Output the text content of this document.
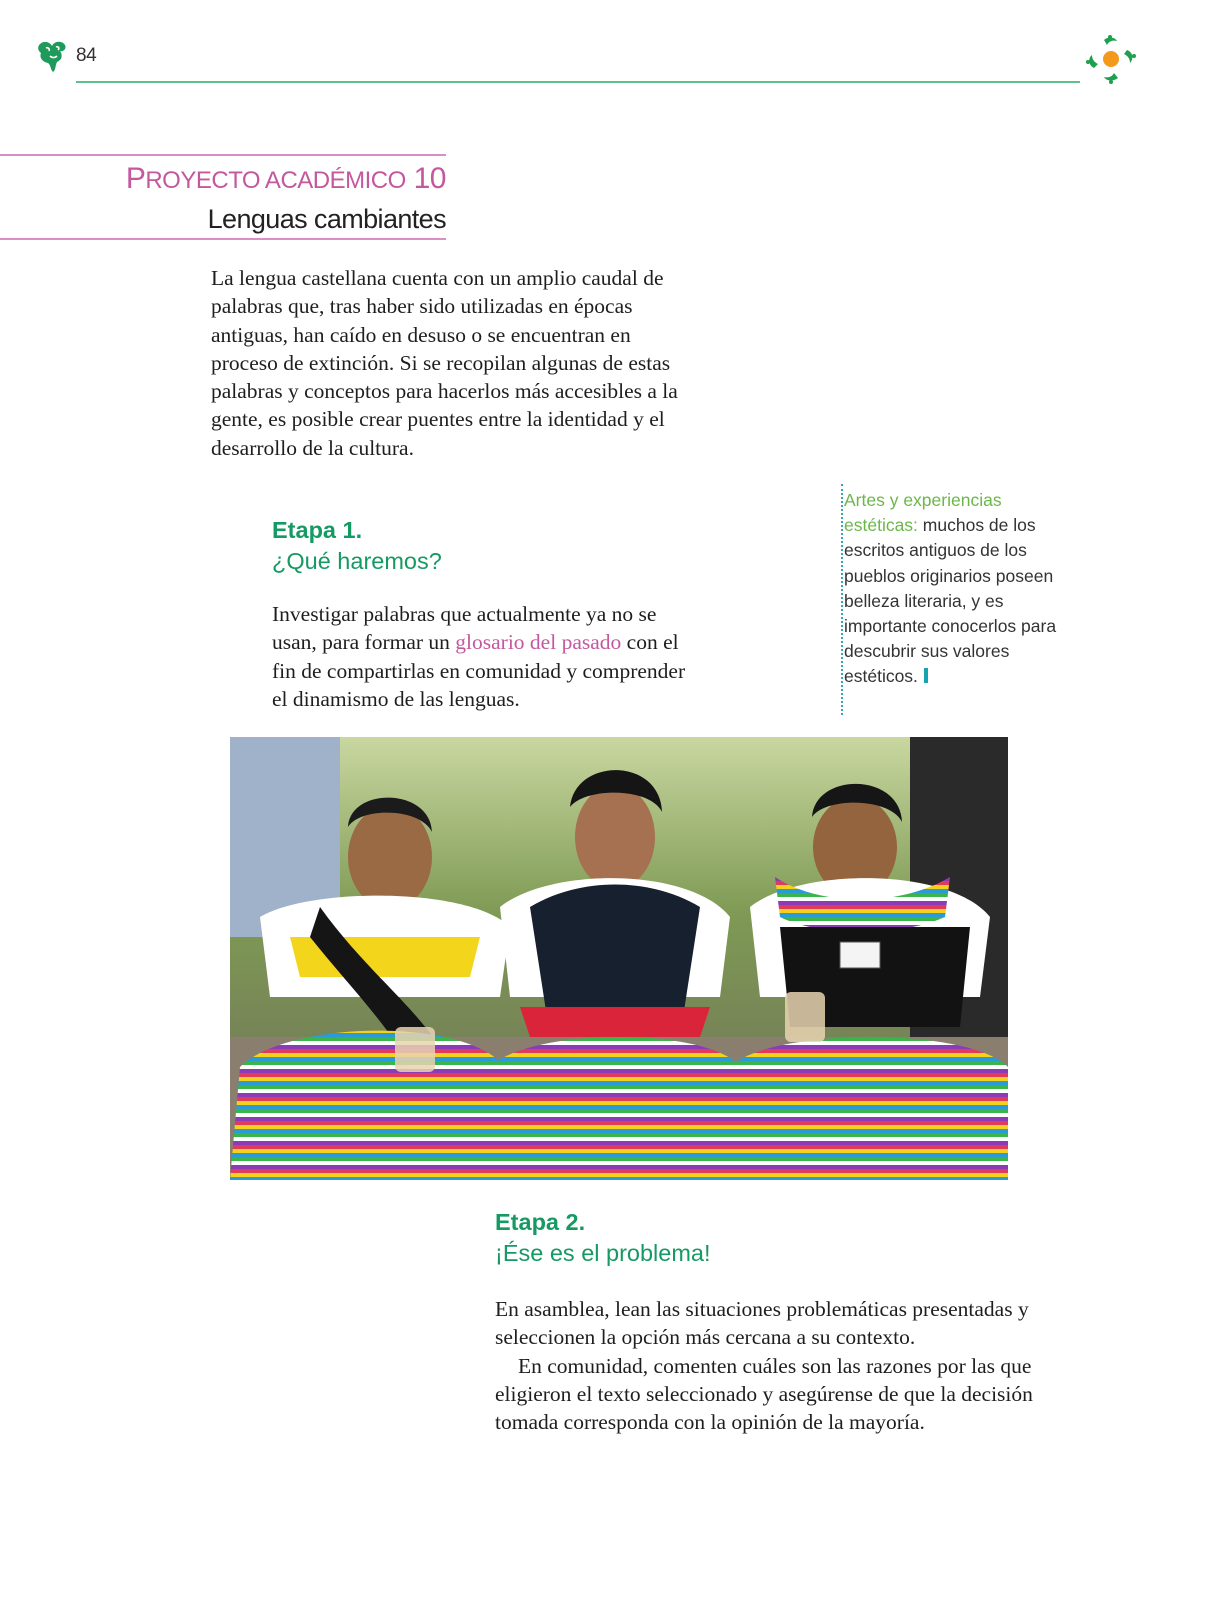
84
PROYECTO ACADÉMICO 10
Lenguas cambiantes
La lengua castellana cuenta con un amplio caudal de palabras que, tras haber sido utilizadas en épocas antiguas, han caído en desuso o se encuentran en proceso de extinción. Si se recopilan algunas de estas palabras y conceptos para hacerlos más accesibles a la gente, es posible crear puentes entre la identidad y el desarrollo de la cultura.
Etapa 1.
¿Qué haremos?
Investigar palabras que actualmente ya no se usan, para formar un glosario del pasado con el fin de compartirlas en comunidad y comprender el dinamismo de las lenguas.
Artes y experiencias estéticas: muchos de los escritos antiguos de los pueblos originarios poseen belleza literaria, y es importante conocerlos para descubrir sus valores estéticos.
Etapa 2.
¡Ése es el problema!
En asamblea, lean las situaciones problemáticas presentadas y seleccionen la opción más cercana a su contexto.
En comunidad, comenten cuáles son las razones por las que eligieron el texto seleccionado y asegúrense de que la decisión tomada corresponda con la opinión de la mayoría.
